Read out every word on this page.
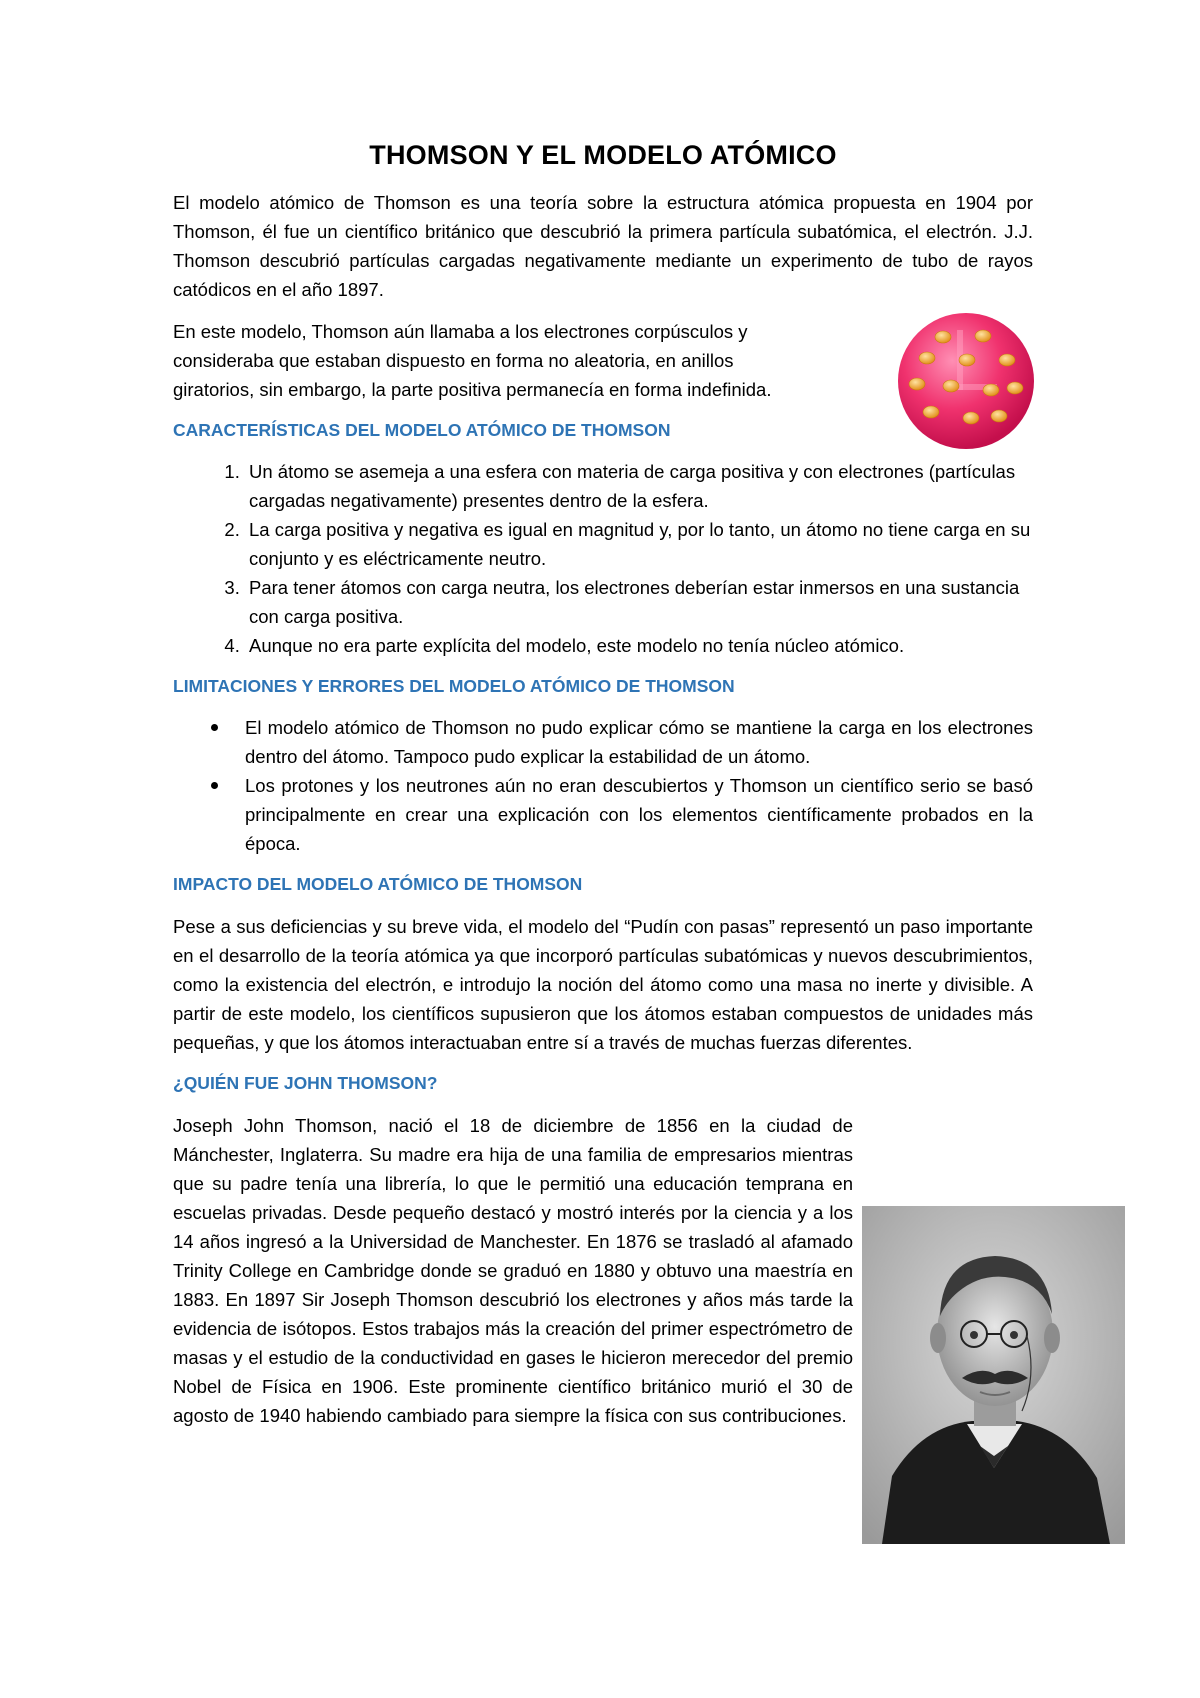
THOMSON Y EL MODELO ATÓMICO

El modelo atómico de Thomson es una teoría sobre la estructura atómica propuesta en 1904 por Thomson, él fue un científico británico que descubrió la primera partícula subatómica, el electrón. J.J. Thomson descubrió partículas cargadas negativamente mediante un experimento de tubo de rayos catódicos en el año 1897.

En este modelo, Thomson aún llamaba a los electrones corpúsculos y consideraba que estaban dispuesto en forma no aleatoria, en anillos giratorios, sin embargo, la parte positiva permanecía en forma indefinida.

CARACTERÍSTICAS DEL MODELO ATÓMICO DE THOMSON
1. Un átomo se asemeja a una esfera con materia de carga positiva y con electrones (partículas cargadas negativamente) presentes dentro de la esfera.
2. La carga positiva y negativa es igual en magnitud y, por lo tanto, un átomo no tiene carga en su conjunto y es eléctricamente neutro.
3. Para tener átomos con carga neutra, los electrones deberían estar inmersos en una sustancia con carga positiva.
4. Aunque no era parte explícita del modelo, este modelo no tenía núcleo atómico.
LIMITACIONES Y ERRORES DEL MODELO ATÓMICO DE THOMSON
El modelo atómico de Thomson no pudo explicar cómo se mantiene la carga en los electrones dentro del átomo. Tampoco pudo explicar la estabilidad de un átomo.
Los protones y los neutrones aún no eran descubiertos y Thomson un científico serio se basó principalmente en crear una explicación con los elementos científicamente probados en la época.
IMPACTO DEL MODELO ATÓMICO DE THOMSON

Pese a sus deficiencias y su breve vida, el modelo del “Pudín con pasas” representó un paso importante en el desarrollo de la teoría atómica ya que incorporó partículas subatómicas y nuevos descubrimientos, como la existencia del electrón, e introdujo la noción del átomo como una masa no inerte y divisible. A partir de este modelo, los científicos supusieron que los átomos estaban compuestos de unidades más pequeñas, y que los átomos interactuaban entre sí a través de muchas fuerzas diferentes.

¿QUIÉN FUE JOHN THOMSON?

Joseph John Thomson, nació el 18 de diciembre de 1856 en la ciudad de Mánchester, Inglaterra. Su madre era hija de una familia de empresarios mientras que su padre tenía una librería, lo que le permitió una educación temprana en escuelas privadas. Desde pequeño destacó y mostró interés por la ciencia y a los 14 años ingresó a la Universidad de Manchester. En 1876 se trasladó al afamado Trinity College en Cambridge donde se graduó en 1880 y obtuvo una maestría en 1883. En 1897 Sir Joseph Thomson descubrió los electrones y años más tarde la evidencia de isótopos. Estos trabajos más la creación del primer espectrómetro de masas y el estudio de la conductividad en gases le hicieron merecedor del premio Nobel de Física en 1906. Este prominente científico británico murió el 30 de agosto de 1940 habiendo cambiado para siempre la física con sus contribuciones.
